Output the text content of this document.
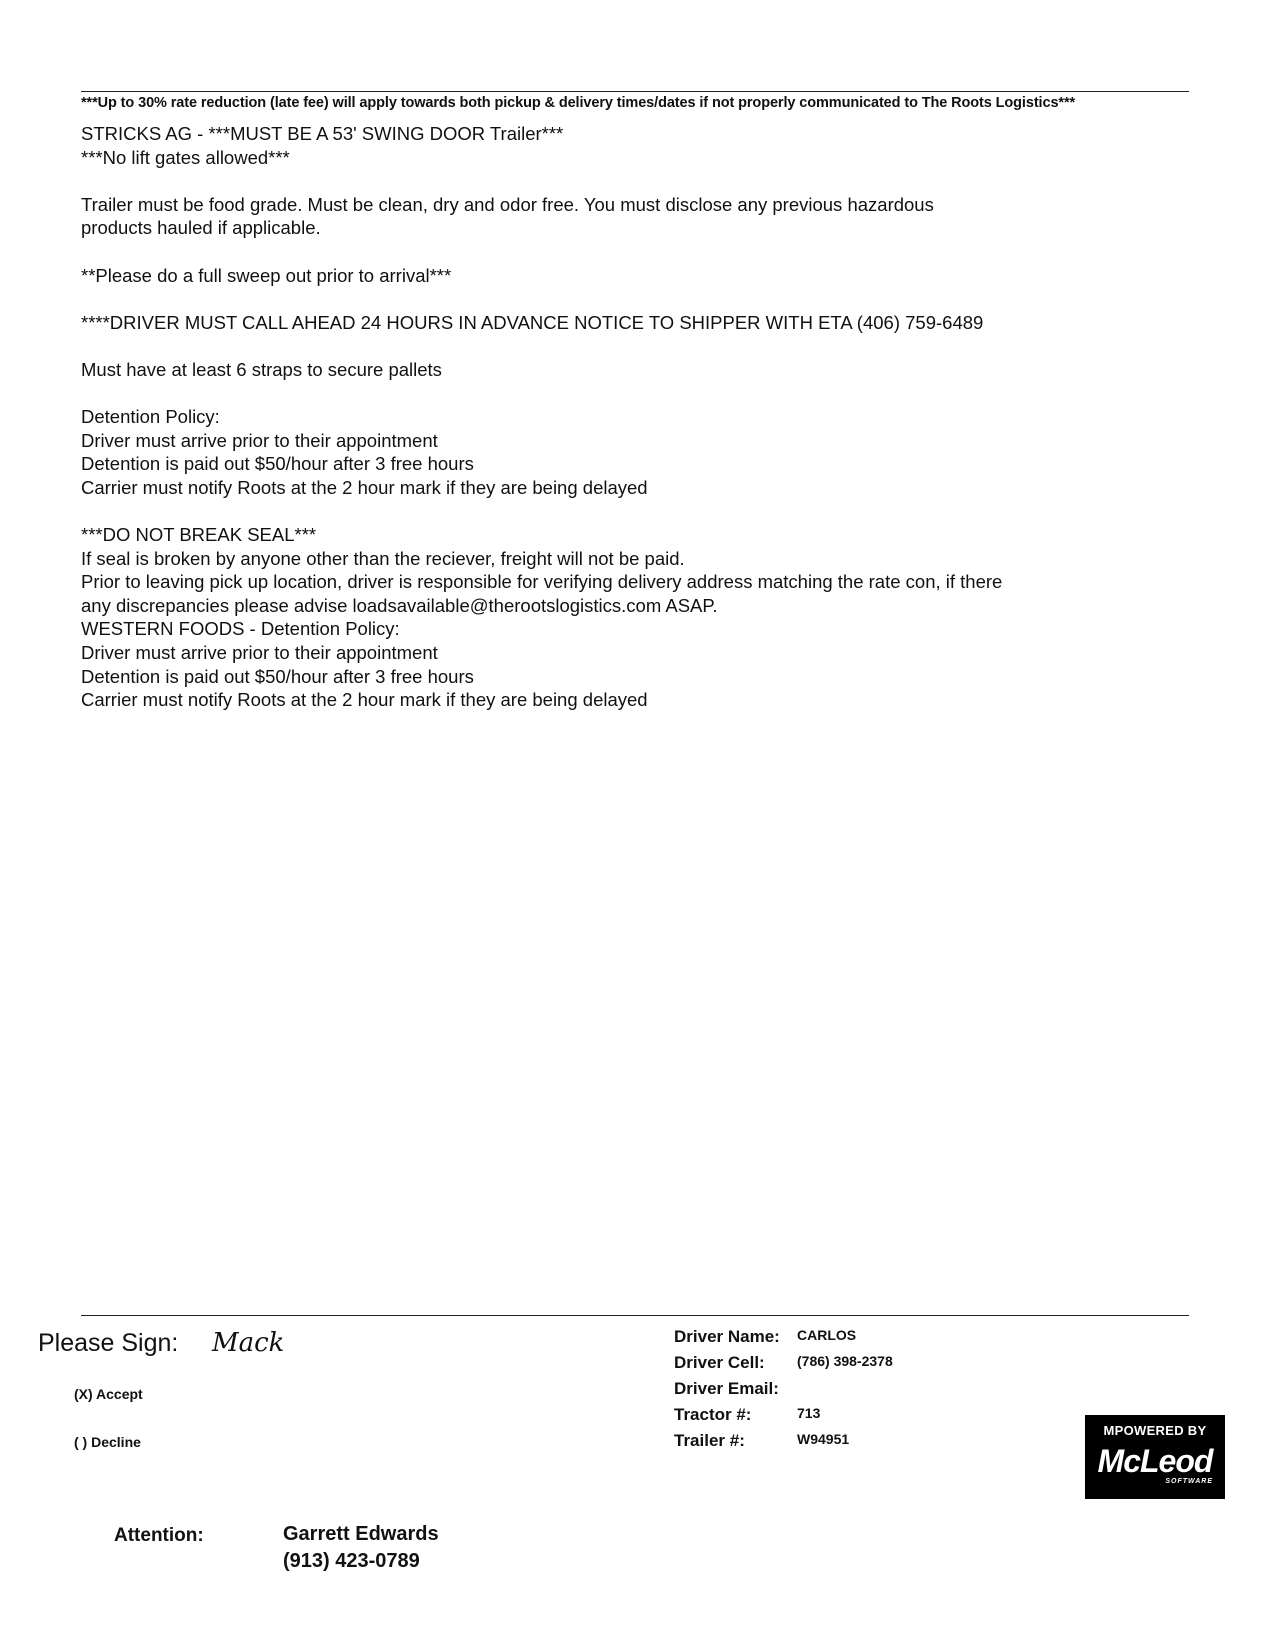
***Up to 30% rate reduction (late fee) will apply towards both pickup & delivery times/dates if not properly communicated to The Roots Logistics***
STRICKS AG - ***MUST BE A 53' SWING DOOR Trailer***
***No lift gates allowed***
Trailer must be food grade. Must be clean, dry and odor free. You must disclose any previous hazardous
products hauled if applicable.
**Please do a full sweep out prior to arrival***
****DRIVER MUST CALL AHEAD 24 HOURS IN ADVANCE NOTICE TO SHIPPER WITH ETA (406) 759-6489
Must have at least 6 straps to secure pallets
Detention Policy:
Driver must arrive prior to their appointment
Detention is paid out $50/hour after 3 free hours
Carrier must notify Roots at the 2 hour mark if they are being delayed
***DO NOT BREAK SEAL***
If seal is broken by anyone other than the reciever, freight will not be paid.
Prior to leaving pick up location, driver is responsible for verifying delivery address matching the rate con, if there
any discrepancies please advise loadsavailable@therootslogistics.com ASAP.
WESTERN FOODS - Detention Policy:
Driver must arrive prior to their appointment
Detention is paid out $50/hour after 3 free hours
Carrier must notify Roots at the 2 hour mark if they are being delayed
Please Sign: Mack
(X) Accept
( ) Decline
Driver Name: CARLOS
Driver Cell: (786) 398-2378
Driver Email:
Tractor #:	713
Trailer #:	W94951
MPOWERED BY
McLeod
SOFTWARE
Attention:	Garrett Edwards
(913) 423-0789
